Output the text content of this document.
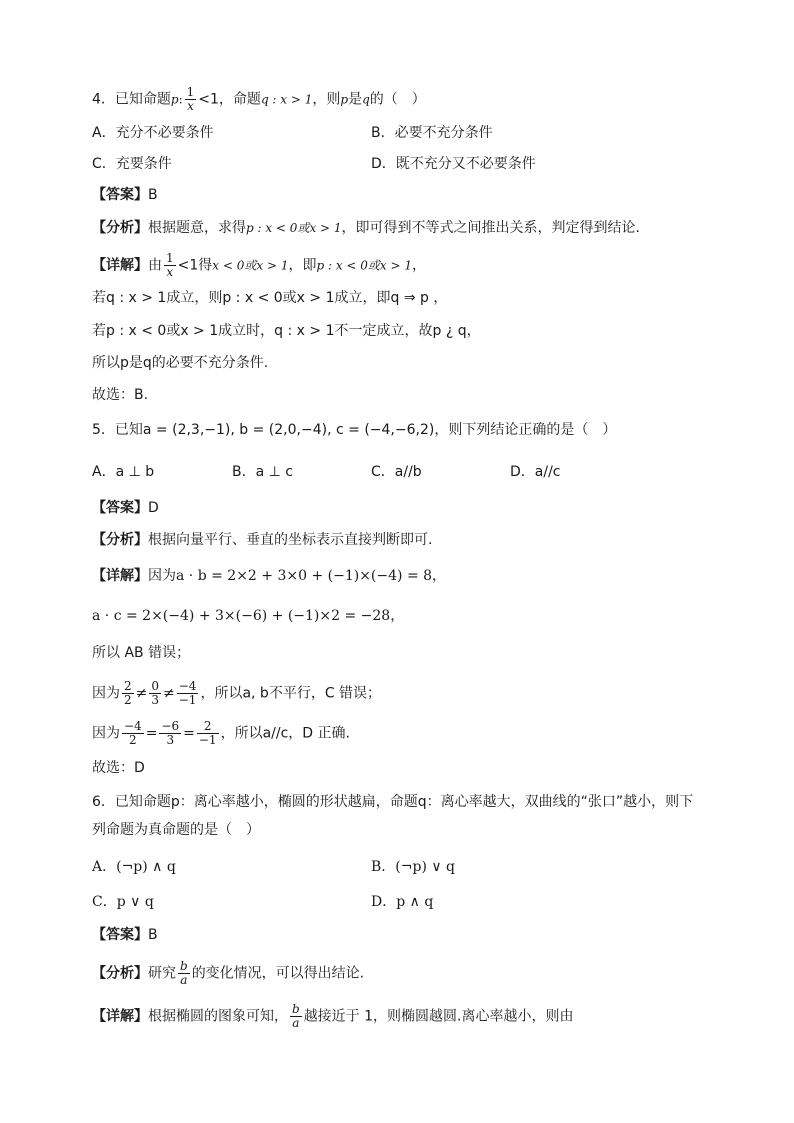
4．已知命题p: $\frac{1}{x} <1$，命题q : x > 1，则p是q的（　）
A．充分不必要条件	B．必要不充分条件
C．充要条件	D．既不充分又不必要条件
【答案】B
【分析】根据题意，求得p : x < 0或x > 1，即可得到不等式之间推出关系，判定得到结论.
【详解】由 $\frac{1}{x} <1$得x < 0或x > 1，即p : x < 0或x > 1，
若q : x > 1成立，则p : x < 0或x > 1成立，即q ⇒ p ，
若p : x < 0或x > 1成立时，q : x > 1不一定成立，故p ¿ q，
所以p是q的必要不充分条件.
故选：B.
5．已知a = (2,3,−1), b = (2,0,−4), c = (−4,−6,2)，则下列结论正确的是（　）
A．a ⊥ b	B．a ⊥ c	C．a//b	D．a//c
【答案】D
【分析】根据向量平行、垂直的坐标表示直接判断即可.
【详解】因为a · b = 2×2 + 3×0 + (−1)×(−4) = 8，
a · c = 2×(−4) + 3×(−6) + (−1)×2 = −28，
所以 AB 错误；
因为 $\frac{2}{2} \ne \frac{0}{3} \ne \frac{-4}{-1}$ ，所以a, b不平行，C 错误；
因为 $\frac{-4}{2} = \frac{-6}{3} = \frac{2}{-1}$ ，所以a//c，D 正确.
故选：D
6．已知命题p：离心率越小，椭圆的形状越扁，命题q：离心率越大，双曲线的“张口”越小，则下
列命题为真命题的是（　）
A．(¬p) ∧ q	B．(¬p) ∨ q
C．p ∨ q	D．p ∧ q
【答案】B
【分析】研究 $\frac{b}{a}$ 的变化情况，可以得出结论.
【详解】根据椭圆的图象可知， $\frac{b}{a}$ 越接近于 1，则椭圆越圆.离心率越小，则由
